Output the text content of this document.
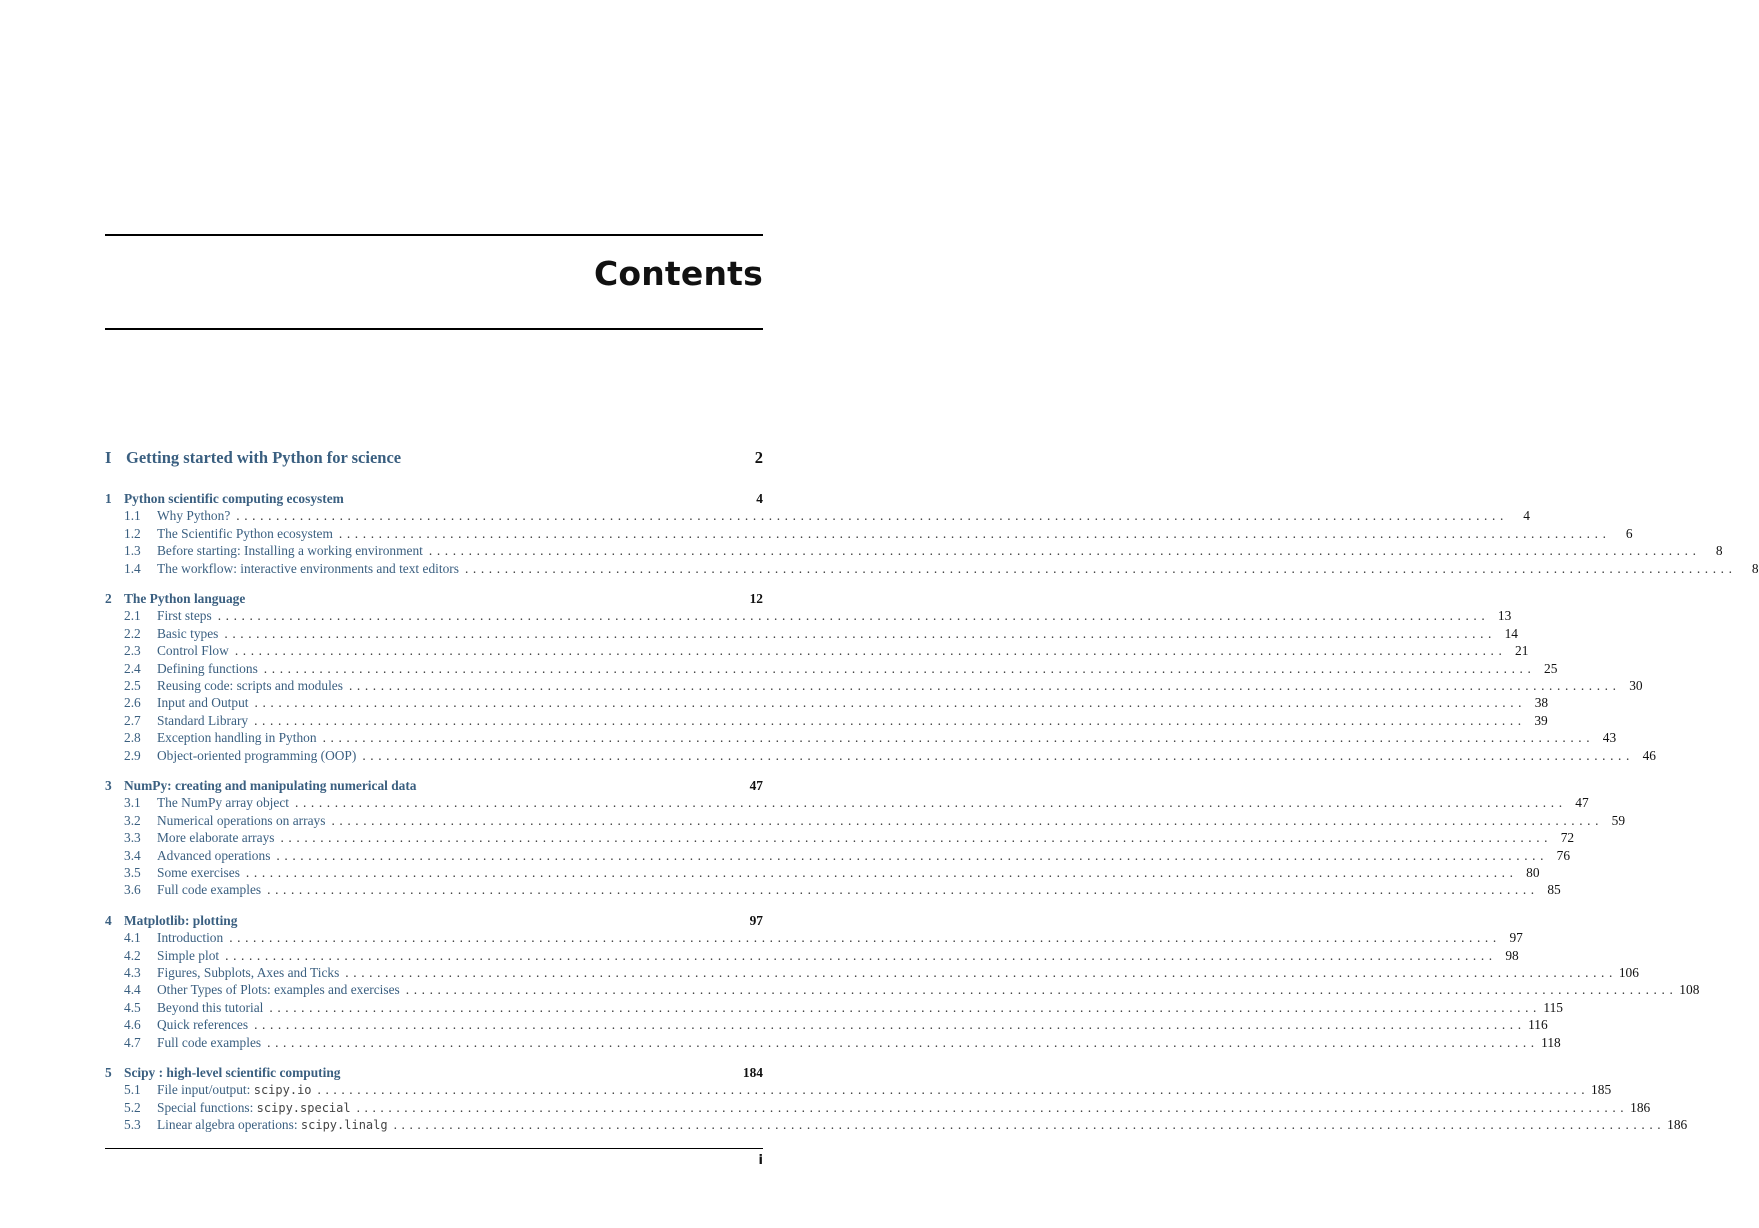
Contents
I Getting started with Python for science	2
1 Python scientific computing ecosystem	4
1.1	Why Python? ................................................................................................................................................................	4
1.2	The Scientific Python ecosystem ................................................................................................................................................................	6
1.3	Before starting: Installing a working environment ................................................................................................................................................................	8
1.4	The workflow: interactive environments and text editors ................................................................................................................................................................	8
2 The Python language	12
2.1	First steps ................................................................................................................................................................ 13
2.2	Basic types ................................................................................................................................................................ 14
2.3	Control Flow ................................................................................................................................................................ 21
2.4	Defining functions ................................................................................................................................................................ 25
2.5	Reusing code: scripts and modules ................................................................................................................................................................ 30
2.6	Input and Output ................................................................................................................................................................ 38
2.7	Standard Library ................................................................................................................................................................ 39
2.8	Exception handling in Python ................................................................................................................................................................ 43
2.9	Object-oriented programming (OOP) ................................................................................................................................................................ 46
3 NumPy: creating and manipulating numerical data	47
3.1	The NumPy array object ................................................................................................................................................................ 47
3.2	Numerical operations on arrays ................................................................................................................................................................ 59
3.3	More elaborate arrays ................................................................................................................................................................ 72
3.4	Advanced operations ................................................................................................................................................................ 76
3.5	Some exercises ................................................................................................................................................................ 80
3.6	Full code examples ................................................................................................................................................................ 85
4 Matplotlib: plotting	97
4.1	Introduction ................................................................................................................................................................ 97
4.2	Simple plot ................................................................................................................................................................ 98
4.3	Figures, Subplots, Axes and Ticks ................................................................................................................................................................ 106
4.4	Other Types of Plots: examples and exercises ................................................................................................................................................................ 108
4.5	Beyond this tutorial ................................................................................................................................................................ 115
4.6	Quick references ................................................................................................................................................................ 116
4.7	Full code examples ................................................................................................................................................................ 118
5 Scipy : high-level scientific computing	184
5.1	File input/output: scipy.io ................................................................................................................................................................ 185
5.2	Special functions: scipy.special ................................................................................................................................................................ 186
5.3	Linear algebra operations: scipy.linalg ................................................................................................................................................................ 186
i
